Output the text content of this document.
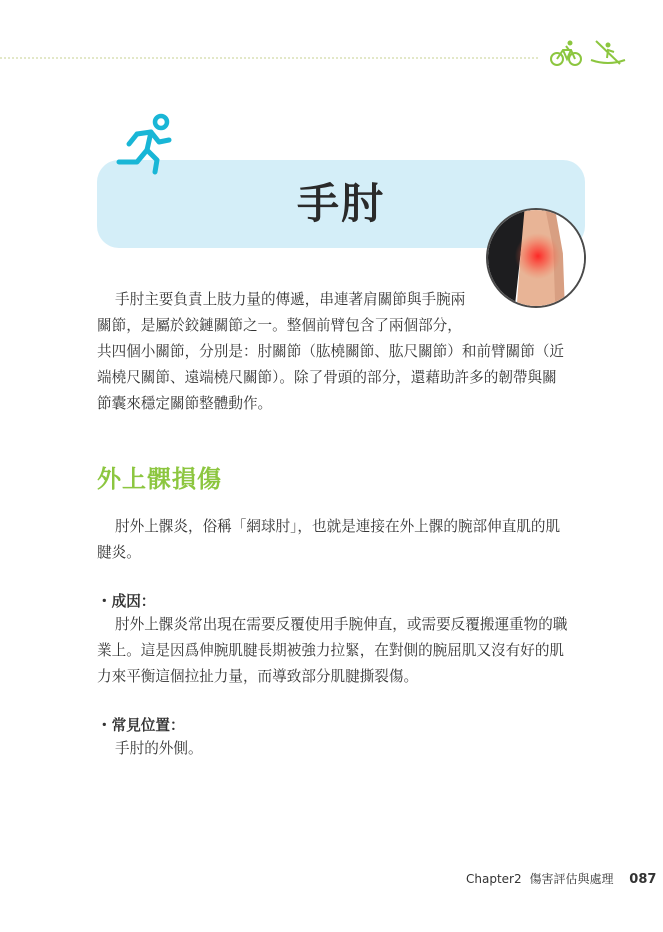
手肘

手肘主要負責上肢力量的傳遞，串連著肩關節與手腕兩

關節，是屬於鉸鏈關節之一。整個前臂包含了兩個部分，

共四個小關節，分別是：肘關節（肱橈關節、肱尺關節）和前臂關節（近

端橈尺關節、遠端橈尺關節）。除了骨頭的部分，還藉助許多的韌帶與關

節囊來穩定關節整體動作。

外上髁損傷

肘外上髁炎，俗稱「網球肘」，也就是連接在外上髁的腕部伸直肌的肌

腱炎。

・成因：

肘外上髁炎常出現在需要反覆使用手腕伸直，或需要反覆搬運重物的職

業上。這是因爲伸腕肌腱長期被強力拉緊，在對側的腕屈肌又沒有好的肌

力來平衡這個拉扯力量，而導致部分肌腱撕裂傷。

・常見位置：

手肘的外側。

Chapter2 傷害評估與處理 087
